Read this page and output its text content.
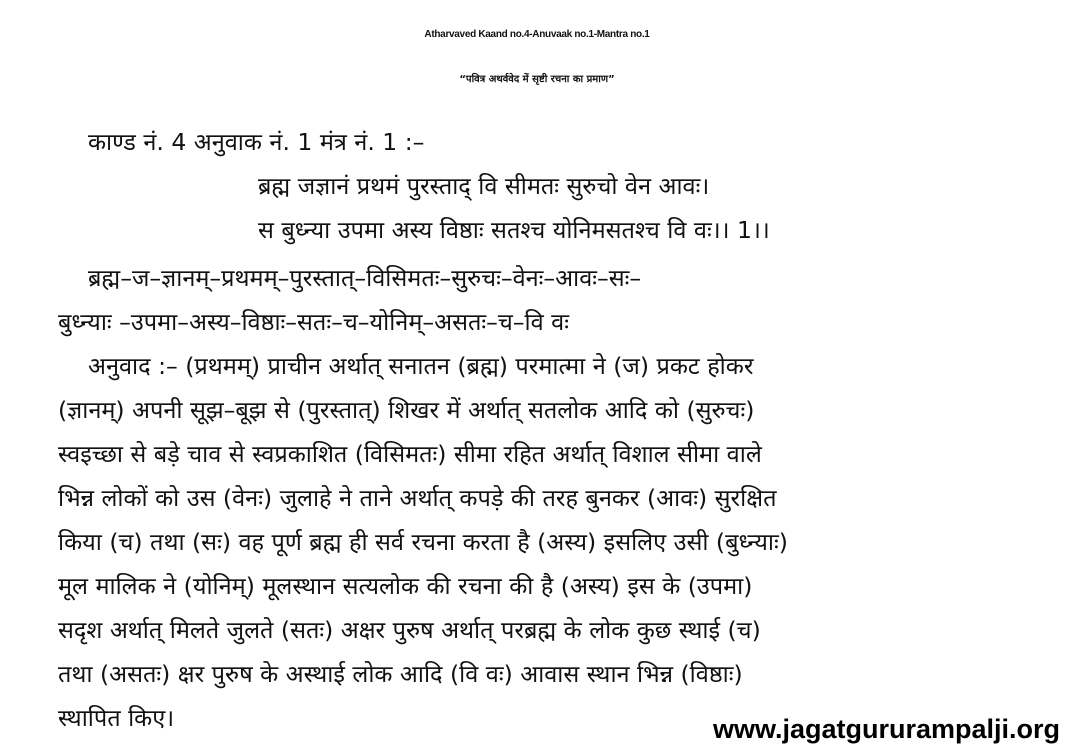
Atharvaved Kaand no.4-Anuvaak no.1-Mantra no.1
“पवित्र अथर्ववेद में सृष्टी रचना का प्रमाण”
काण्ड नं. 4 अनुवाक नं. 1 मंत्र नं. 1 :–
ब्रह्म जज्ञानं प्रथमं पुरस्ताद् वि सीमतः सुरुचो वेन आवः।
स बुध्न्या उपमा अस्य विष्ठाः सतश्च योनिमसतश्च वि वः।। 1।।
ब्रह्म–ज–ज्ञानम्–प्रथमम्–पुरस्तात्–विसिमतः–सुरुचः–वेनः–आवः–सः–
बुध्न्याः –उपमा–अस्य–विष्ठाः–सतः–च–योनिम्–असतः–च–वि वः
अनुवाद :– (प्रथमम्) प्राचीन अर्थात् सनातन (ब्रह्म) परमात्मा ने (ज) प्रकट होकर
(ज्ञानम्) अपनी सूझ–बूझ से (पुरस्तात्) शिखर में अर्थात् सतलोक आदि को (सुरुचः)
स्वइच्छा से बड़े चाव से स्वप्रकाशित (विसिमतः) सीमा रहित अर्थात् विशाल सीमा वाले
भिन्न लोकों को उस (वेनः) जुलाहे ने ताने अर्थात् कपड़े की तरह बुनकर (आवः) सुरक्षित
किया (च) तथा (सः) वह पूर्ण ब्रह्म ही सर्व रचना करता है (अस्य) इसलिए उसी (बुध्न्याः)
मूल मालिक ने (योनिम्) मूलस्थान सत्यलोक की रचना की है (अस्य) इस के (उपमा)
सदृश अर्थात् मिलते जुलते (सतः) अक्षर पुरुष अर्थात् परब्रह्म के लोक कुछ स्थाई (च)
तथा (असतः) क्षर पुरुष के अस्थाई लोक आदि (वि वः) आवास स्थान भिन्न (विष्ठाः)
स्थापित किए।	www.jagatgururampalji.org
